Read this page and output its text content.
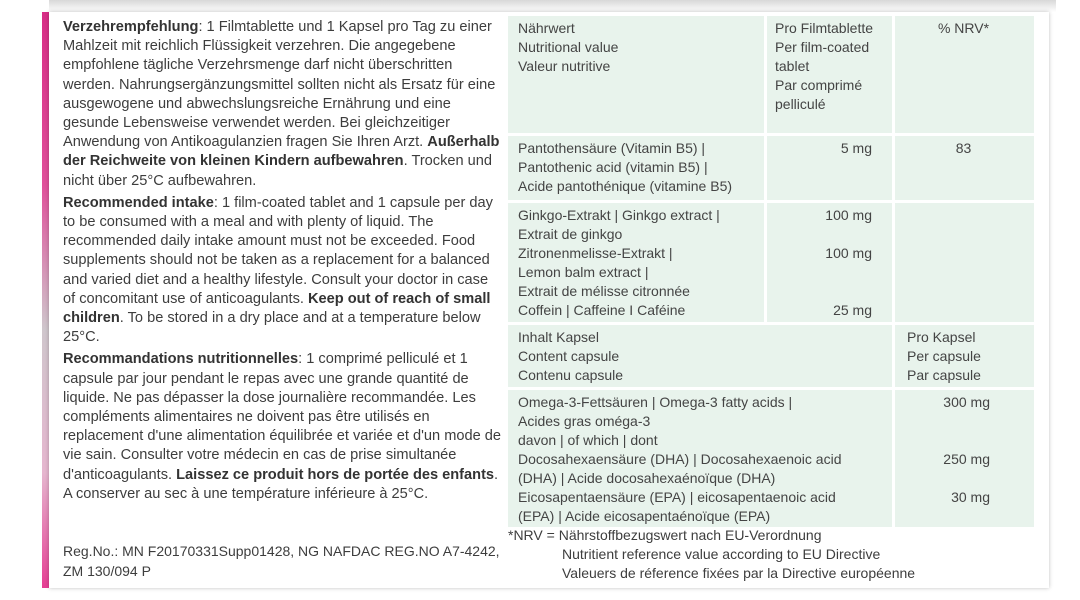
Verzehrempfehlung: 1 Filmtablette und 1 Kapsel pro Tag zu einer Mahlzeit mit reichlich Flüssigkeit verzehren. Die angegebene empfohlene tägliche Verzehrsmenge darf nicht überschritten werden. Nahrungsergänzungsmittel sollten nicht als Ersatz für eine ausgewogene und abwechslungsreiche Ernährung und eine gesunde Lebensweise verwendet werden. Bei gleichzeitiger Anwendung von Antikoagulanzien fragen Sie Ihren Arzt. Außerhalb der Reichweite von kleinen Kindern aufbewahren. Trocken und nicht über 25°C aufbewahren.

Recommended intake: 1 film-coated tablet and 1 capsule per day to be consumed with a meal and with plenty of liquid. The recommended daily intake amount must not be exceeded. Food supplements should not be taken as a replacement for a balanced and varied diet and a healthy lifestyle. Consult your doctor in case of concomitant use of anticoagulants. Keep out of reach of small children. To be stored in a dry place and at a temperature below 25°C.

Recommandations nutritionnelles: 1 comprimé pelliculé et 1 capsule par jour pendant le repas avec une grande quantité de liquide. Ne pas dépasser la dose journalière recommandée. Les compléments alimentaires ne doivent pas être utilisés en replacement d'une alimentation équilibrée et variée et d'un mode de vie sain. Consulter votre médecin en cas de prise simultanée d'anticoagulants. Laissez ce produit hors de portée des enfants. A conserver au sec à une température inférieure à 25°C.

Reg.No.: MN F20170331Supp01428, NG NAFDAC REG.NO A7-4242, ZM 130/094 P
Nährwert
Nutritional value
Valeur nutritive
Pro Filmtablette
Per film-coated
tablet
Par comprimé
pelliculé
% NRV*
Pantothensäure (Vitamin B5) |
Pantothenic acid (vitamin B5) |
Acide pantothénique (vitamine B5)
5 mg	83
Ginkgo-Extrakt | Ginkgo extract |
Extrait de ginkgo
Zitronenmelisse-Extrakt |
Lemon balm extract |
Extrait de mélisse citronnée
Coffein | Caffeine I Caféine
100 mg
100 mg
25 mg
Inhalt Kapsel
Content capsule
Contenu capsule
Pro Kapsel
Per capsule
Par capsule
Omega-3-Fettsäuren | Omega-3 fatty acids |
Acides gras oméga-3
davon | of which | dont
Docosahexaensäure (DHA) | Docosahexaenoic acid
(DHA) | Acide docosahexaénoïque (DHA)
Eicosapentaensäure (EPA) | eicosapentaenoic acid
(EPA) | Acide eicosapentaénoïque (EPA)
300 mg
250 mg
30 mg
*NRV = Nährstoffbezugswert nach EU-Verordnung
Nutritient reference value according to EU Directive
Valeuers de réference fixées par la Directive européenne
